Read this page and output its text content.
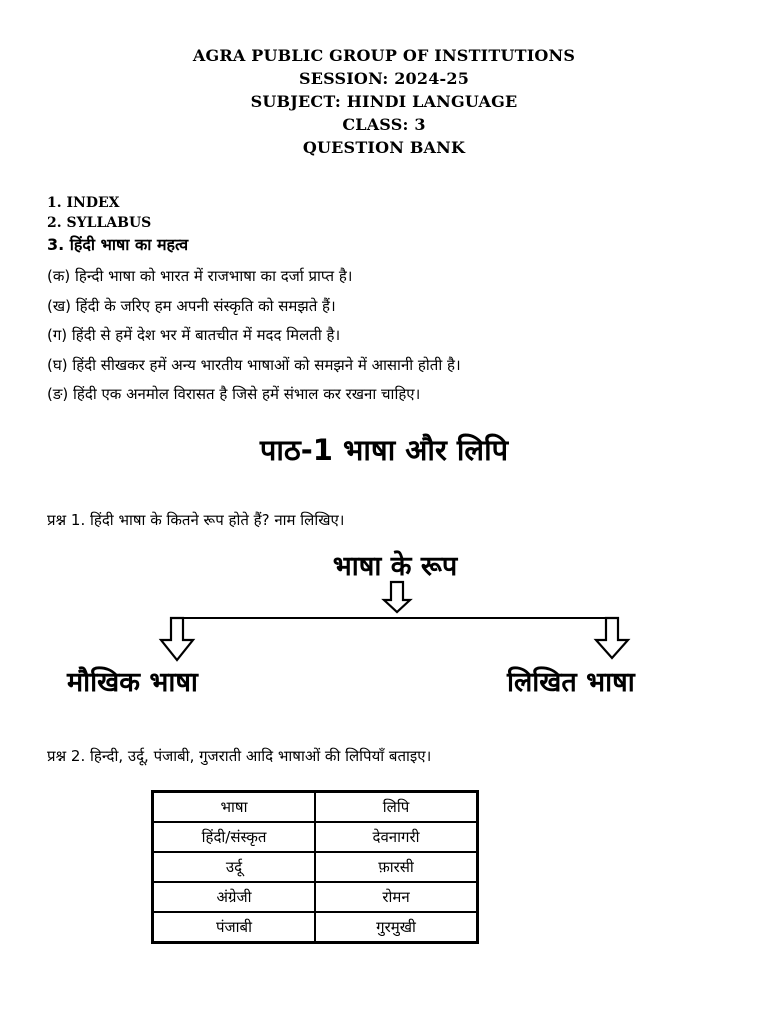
AGRA PUBLIC GROUP OF INSTITUTIONS
SESSION: 2024-25
SUBJECT: HINDI LANGUAGE
CLASS: 3
QUESTION BANK
1. INDEX
2. SYLLABUS
3. हिंदी भाषा का महत्व
(क) हिन्दी भाषा को भारत में राजभाषा का दर्जा प्राप्त है।
(ख) हिंदी के जरिए हम अपनी संस्कृति को समझते हैं।
(ग) हिंदी से हमें देश भर में बातचीत में मदद मिलती है।
(घ) हिंदी सीखकर हमें अन्य भारतीय भाषाओं को समझने में आसानी होती है।
(ङ) हिंदी एक अनमोल विरासत है जिसे हमें संभाल कर रखना चाहिए।
पाठ-1 भाषा और लिपि
प्रश्न 1. हिंदी भाषा के कितने रूप होते हैं? नाम लिखिए।
भाषा के रूप
मौखिक भाषा	लिखित भाषा
प्रश्न 2. हिन्दी, उर्दू, पंजाबी, गुजराती आदि भाषाओं की लिपियाँ बताइए।
भाषा	लिपि
हिंदी/संस्कृत	देवनागरी
उर्दू	फ़ारसी
अंग्रेजी	रोमन
पंजाबी	गुरमुखी
